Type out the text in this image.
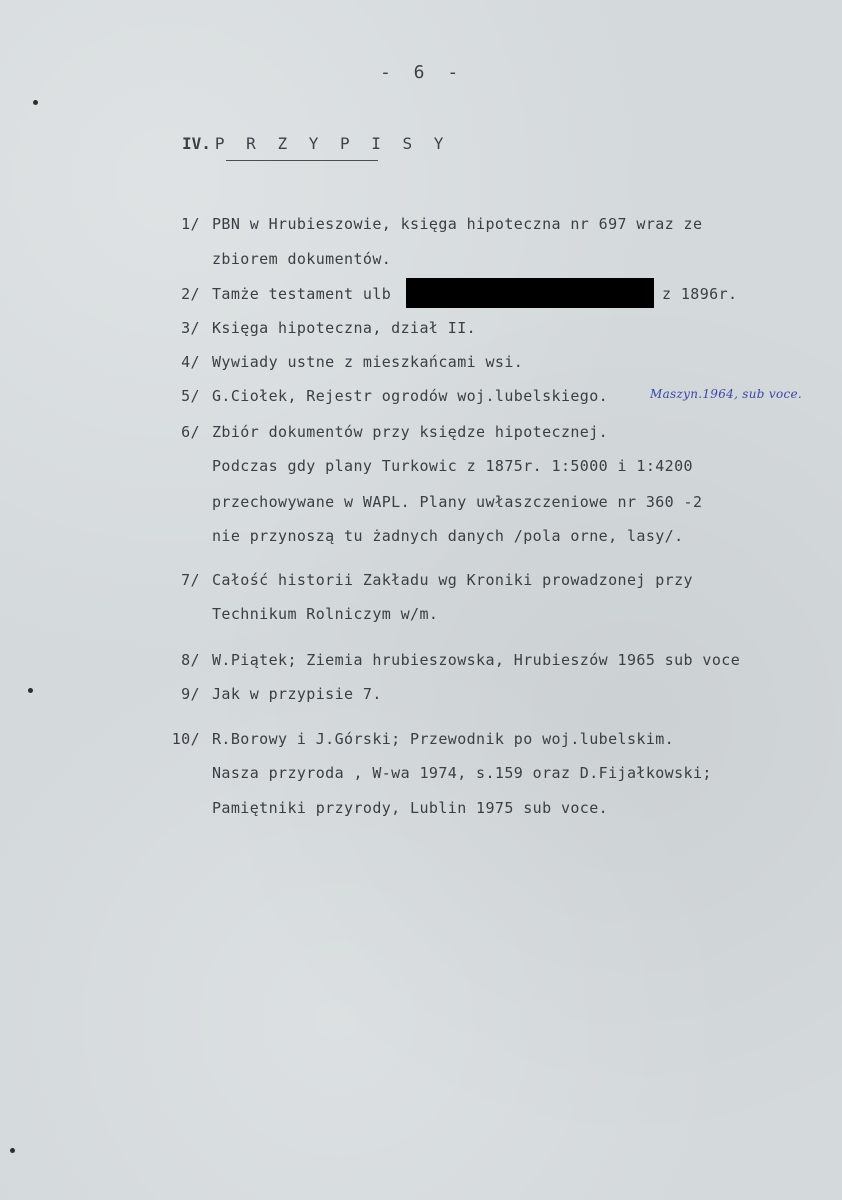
- 6 -
IV. P R Z Y P I S Y
1/ PBN w Hrubieszowie, księga hipoteczna nr 697 wraz ze
zbiorem dokumentów.
2/ Tamże testament ulb	z 1896r.
3/ Księga hipoteczna, dział II.
4/ Wywiady ustne z mieszkańcami wsi.
5/ G.Ciołek, Rejestr ogrodów woj.lubelskiego.	Maszyn.1964, sub voce.
6/ Zbiór dokumentów przy księdze hipotecznej.
Podczas gdy plany Turkowic z 1875r. 1:5000 i 1:4200
przechowywane w WAPL. Plany uwłaszczeniowe nr 360 -2
nie przynoszą tu żadnych danych /pola orne, lasy/.
7/ Całość historii Zakładu wg Kroniki prowadzonej przy
Technikum Rolniczym w/m.
8/ W.Piątek; Ziemia hrubieszowska, Hrubieszów 1965 sub voce
9/ Jak w przypisie 7.
10/ R.Borowy i J.Górski; Przewodnik po woj.lubelskim.
Nasza przyroda , W-wa 1974, s.159 oraz D.Fijałkowski;
Pamiętniki przyrody, Lublin 1975 sub voce.
